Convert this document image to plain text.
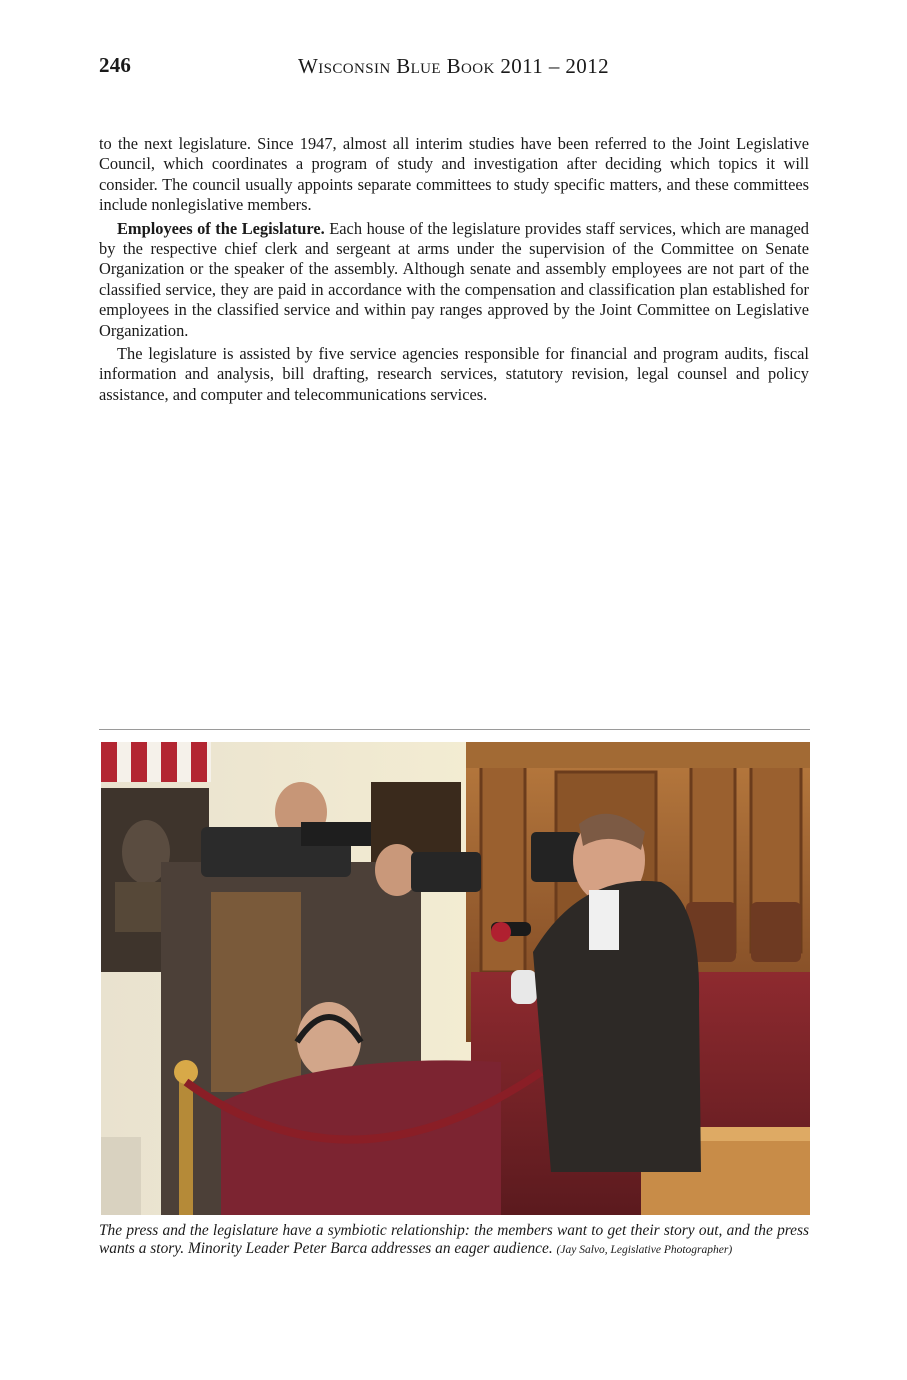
246	Wisconsin Blue Book 2011 – 2012

to the next legislature. Since 1947, almost all interim studies have been referred to the Joint Legislative Council, which coordinates a program of study and investigation after deciding which topics it will consider. The council usually appoints separate committees to study specific matters, and these committees include nonlegislative members.

Employees of the Legislature. Each house of the legislature provides staff services, which are managed by the respective chief clerk and sergeant at arms under the supervision of the Committee on Senate Organization or the speaker of the assembly. Although senate and assembly employees are not part of the classified service, they are paid in accordance with the compensation and classification plan established for employees in the classified service and within pay ranges approved by the Joint Committee on Legislative Organization.

The legislature is assisted by five service agencies responsible for financial and program audits, fiscal information and analysis, bill drafting, research services, statutory revision, legal counsel and policy assistance, and computer and telecommunications services.

The press and the legislature have a symbiotic relationship: the members want to get their story out, and the press wants a story. Minority Leader Peter Barca addresses an eager audience. (Jay Salvo, Legislative Photographer)
